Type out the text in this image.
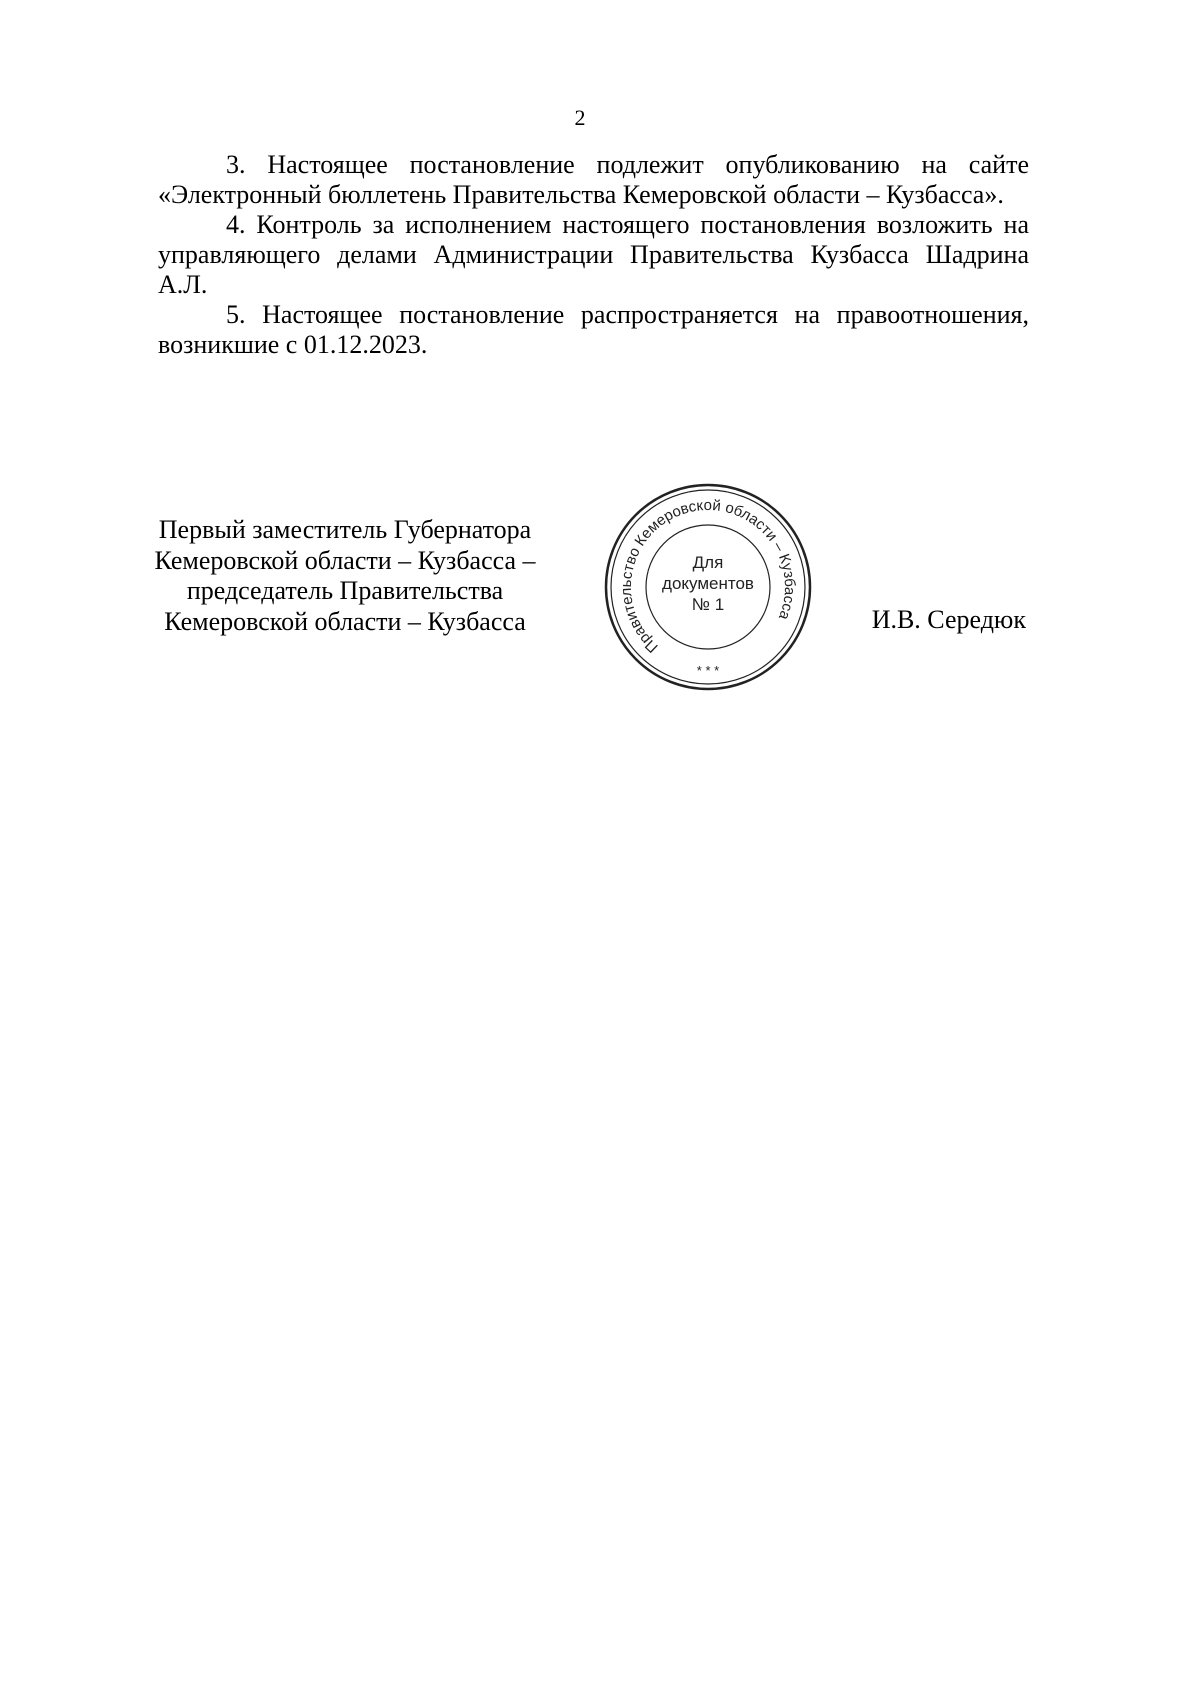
2

3. Настоящее постановление подлежит опубликованию на сайте «Электронный бюллетень Правительства Кемеровской области – Кузбасса».

4. Контроль за исполнением настоящего постановления возложить на управляющего делами Администрации Правительства Кузбасса Шадрина А.Л.

5. Настоящее постановление распространяется на правоотношения, возникшие с 01.12.2023.

Первый заместитель Губернатора
Кемеровской области – Кузбасса –
председатель Правительства
Кемеровской области – Кузбасса
Правительство Кемеровской области – Кузбасса
* * *
Для
документов
№ 1
И.В. Середюк
